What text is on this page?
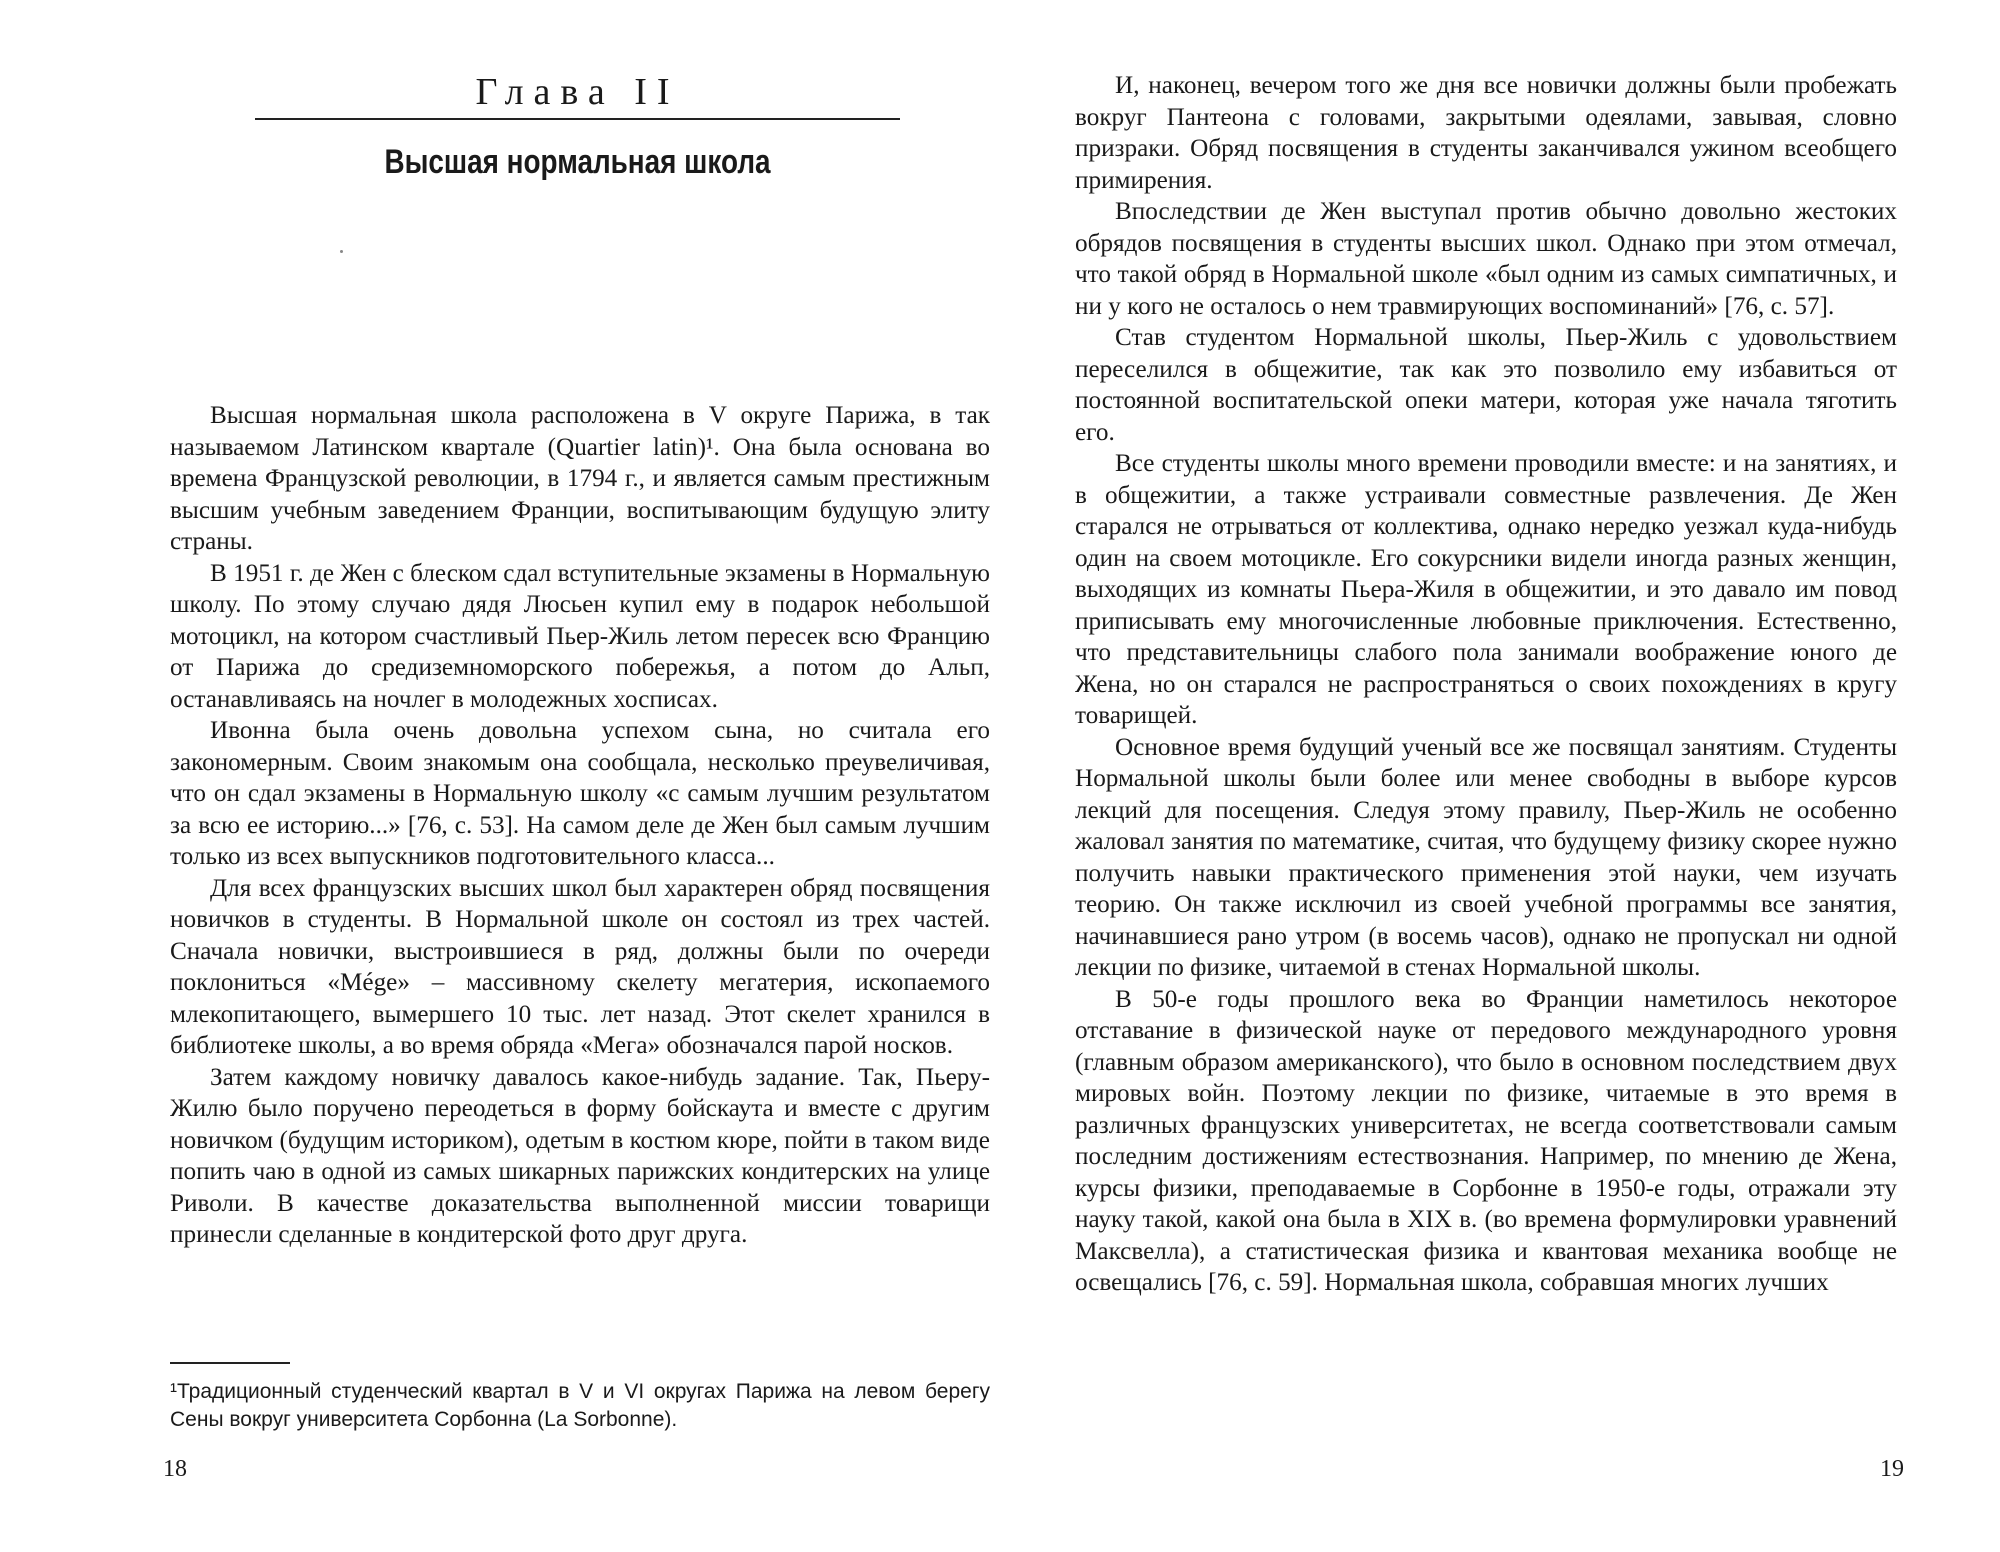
Глава II
Высшая нормальная школа

Высшая нормальная школа расположена в V округе Парижа, в так называемом Латинском квартале (Quartier latin)¹. Она была основана во времена Французской революции, в 1794 г., и является самым престижным высшим учебным заведением Франции, воспитывающим будущую элиту страны.

В 1951 г. де Жен с блеском сдал вступительные экзамены в Нормальную школу. По этому случаю дядя Люсьен купил ему в подарок небольшой мотоцикл, на котором счастливый Пьер-Жиль летом пересек всю Францию от Парижа до средиземноморского побережья, а потом до Альп, останавливаясь на ночлег в молодежных хосписах.

Ивонна была очень довольна успехом сына, но считала его закономерным. Своим знакомым она сообщала, несколько преувеличивая, что он сдал экзамены в Нормальную школу «с самым лучшим результатом за всю ее историю...» [76, с. 53]. На самом деле де Жен был самым лучшим только из всех выпускников подготовительного класса...

Для всех французских высших школ был характерен обряд посвящения новичков в студенты. В Нормальной школе он состоял из трех частей. Сначала новички, выстроившиеся в ряд, должны были по очереди поклониться «Mége» – массивному скелету мегатерия, ископаемого млекопитающего, вымершего 10 тыс. лет назад. Этот скелет хранился в библиотеке школы, а во время обряда «Мега» обозначался парой носков.

Затем каждому новичку давалось какое-нибудь задание. Так, Пьеру-Жилю было поручено переодеться в форму бойскаута и вместе с другим новичком (будущим историком), одетым в костюм кюре, пойти в таком виде попить чаю в одной из самых шикарных парижских кондитерских на улице Риволи. В качестве доказательства выполненной миссии товарищи принесли сделанные в кондитерской фото друг друга.

¹Традиционный студенческий квартал в V и VI округах Парижа на левом берегу Сены вокруг университета Сорбонна (La Sorbonne).
18

И, наконец, вечером того же дня все новички должны были пробежать вокруг Пантеона с головами, закрытыми одеялами, завывая, словно призраки. Обряд посвящения в студенты заканчивался ужином всеобщего примирения.

Впоследствии де Жен выступал против обычно довольно жестоких обрядов посвящения в студенты высших школ. Однако при этом отмечал, что такой обряд в Нормальной школе «был одним из самых симпатичных, и ни у кого не осталось о нем травмирующих воспоминаний» [76, с. 57].

Став студентом Нормальной школы, Пьер-Жиль с удовольствием переселился в общежитие, так как это позволило ему избавиться от постоянной воспитательской опеки матери, которая уже начала тяготить его.

Все студенты школы много времени проводили вместе: и на занятиях, и в общежитии, а также устраивали совместные развлечения. Де Жен старался не отрываться от коллектива, однако нередко уезжал куда-нибудь один на своем мотоцикле. Его сокурсники видели иногда разных женщин, выходящих из комнаты Пьера-Жиля в общежитии, и это давало им повод приписывать ему многочисленные любовные приключения. Естественно, что представительницы слабого пола занимали воображение юного де Жена, но он старался не распространяться о своих похождениях в кругу товарищей.

Основное время будущий ученый все же посвящал занятиям. Студенты Нормальной школы были более или менее свободны в выборе курсов лекций для посещения. Следуя этому правилу, Пьер-Жиль не особенно жаловал занятия по математике, считая, что будущему физику скорее нужно получить навыки практического применения этой науки, чем изучать теорию. Он также исключил из своей учебной программы все занятия, начинавшиеся рано утром (в восемь часов), однако не пропускал ни одной лекции по физике, читаемой в стенах Нормальной школы.

В 50-е годы прошлого века во Франции наметилось некоторое отставание в физической науке от передового международного уровня (главным образом американского), что было в основном последствием двух мировых войн. Поэтому лекции по физике, читаемые в это время в различных французских университетах, не всегда соответствовали самым последним достижениям естествознания. Например, по мнению де Жена, курсы физики, преподаваемые в Сорбонне в 1950-е годы, отражали эту науку такой, какой она была в XIX в. (во времена формулировки уравнений Максвелла), а статистическая физика и квантовая механика вообще не освещались [76, с. 59]. Нормальная школа, собравшая многих лучших

19
